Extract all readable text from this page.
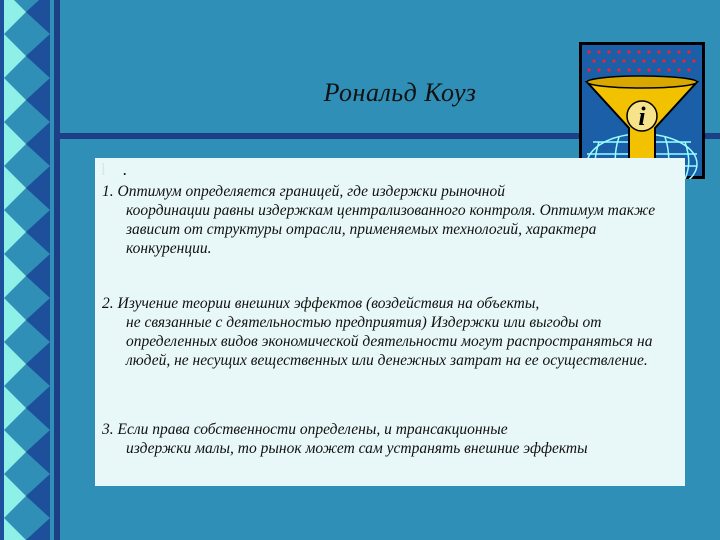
Рональд Коуз
i
l .

1. Оптимум определяется границей, где издержки рыночной

координации равны издержкам централизованного контроля. Оптимум также зависит от структуры отрасли, применяемых технологий, характера конкуренции.

2. Изучение теории внешних эффектов (воздействия на объекты,

не связанные с деятельностью предприятия) Издержки или выгоды от определенных видов экономической деятельности могут распространяться на людей, не несущих вещественных или денежных затрат на ее осуществление.

3. Если права собственности определены, и трансакционные

издержки малы, то рынок может сам устранять внешние эффекты
